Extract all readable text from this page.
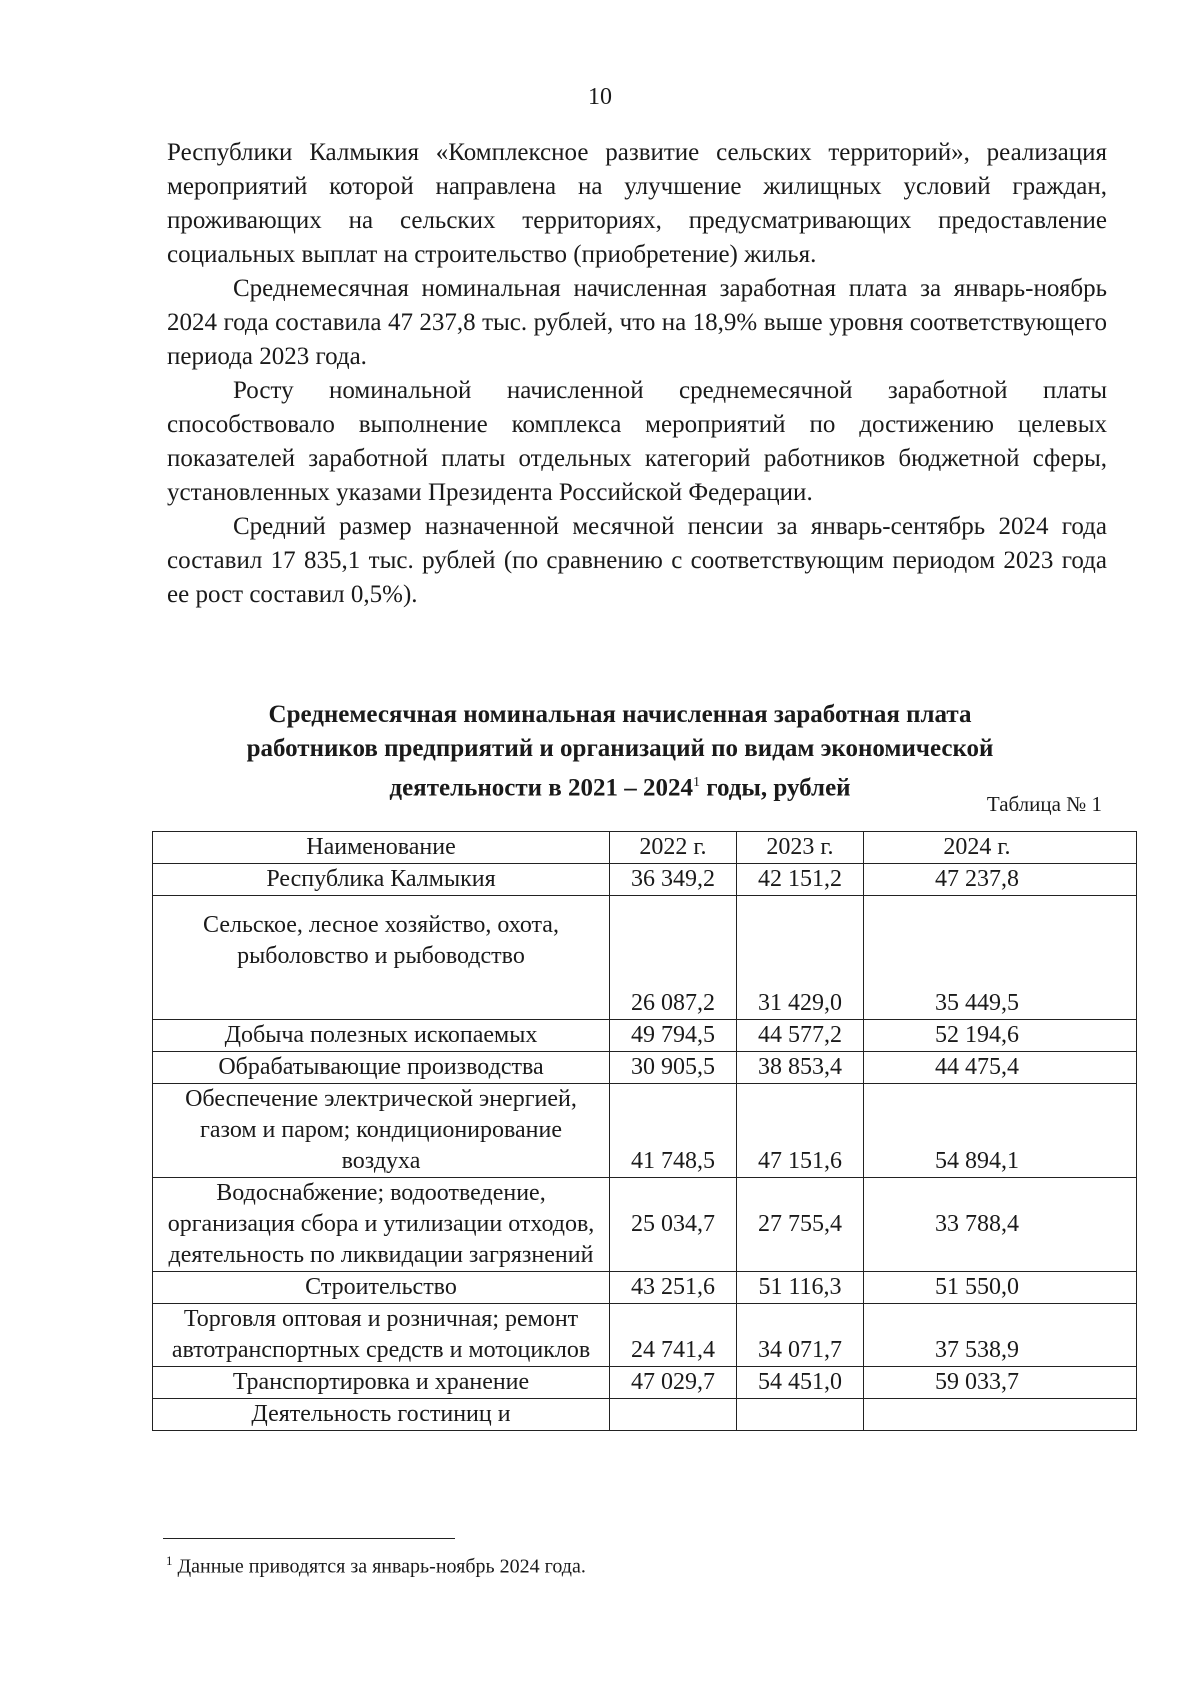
10

Республики Калмыкия «Комплексное развитие сельских территорий», реализация мероприятий которой направлена на улучшение жилищных условий граждан, проживающих на сельских территориях, предусматривающих предоставление социальных выплат на строительство (приобретение) жилья.

Среднемесячная номинальная начисленная заработная плата за январь-ноябрь 2024 года составила 47 237,8 тыс. рублей, что на 18,9% выше уровня соответствующего периода 2023 года.

Росту номинальной начисленной среднемесячной заработной платы способствовало выполнение комплекса мероприятий по достижению целевых показателей заработной платы отдельных категорий работников бюджетной сферы, установленных указами Президента Российской Федерации.

Средний размер назначенной месячной пенсии за январь-сентябрь 2024 года составил 17 835,1 тыс. рублей (по сравнению с соответствующим периодом 2023 года ее рост составил 0,5%).

Среднемесячная номинальная начисленная заработная плата
работников предприятий и организаций по видам экономической
деятельности в 2021 – 2024$^1$ годы, рублей
Таблица № 1
Наименование	2022 г.	2023 г.	2024 г.
Республика Калмыкия	36 349,2	42 151,2	47 237,8
Сельское, лесное хозяйство, охота, рыболовство и рыбоводство	26 087,2	31 429,0	35 449,5
Добыча полезных ископаемых	49 794,5	44 577,2	52 194,6
Обрабатывающие производства	30 905,5	38 853,4	44 475,4
Обеспечение электрической энергией, газом и паром; кондиционирование воздуха	41 748,5	47 151,6	54 894,1
Водоснабжение; водоотведение, организация сбора и утилизации отходов, деятельность по ликвидации загрязнений	25 034,7	27 755,4	33 788,4
Строительство	43 251,6	51 116,3	51 550,0
Торговля оптовая и розничная; ремонт автотранспортных средств и мотоциклов	24 741,4	34 071,7	37 538,9
Транспортировка и хранение	47 029,7	54 451,0	59 033,7
Деятельность гостиниц и			
$^1$ Данные приводятся за январь-ноябрь 2024 года.
